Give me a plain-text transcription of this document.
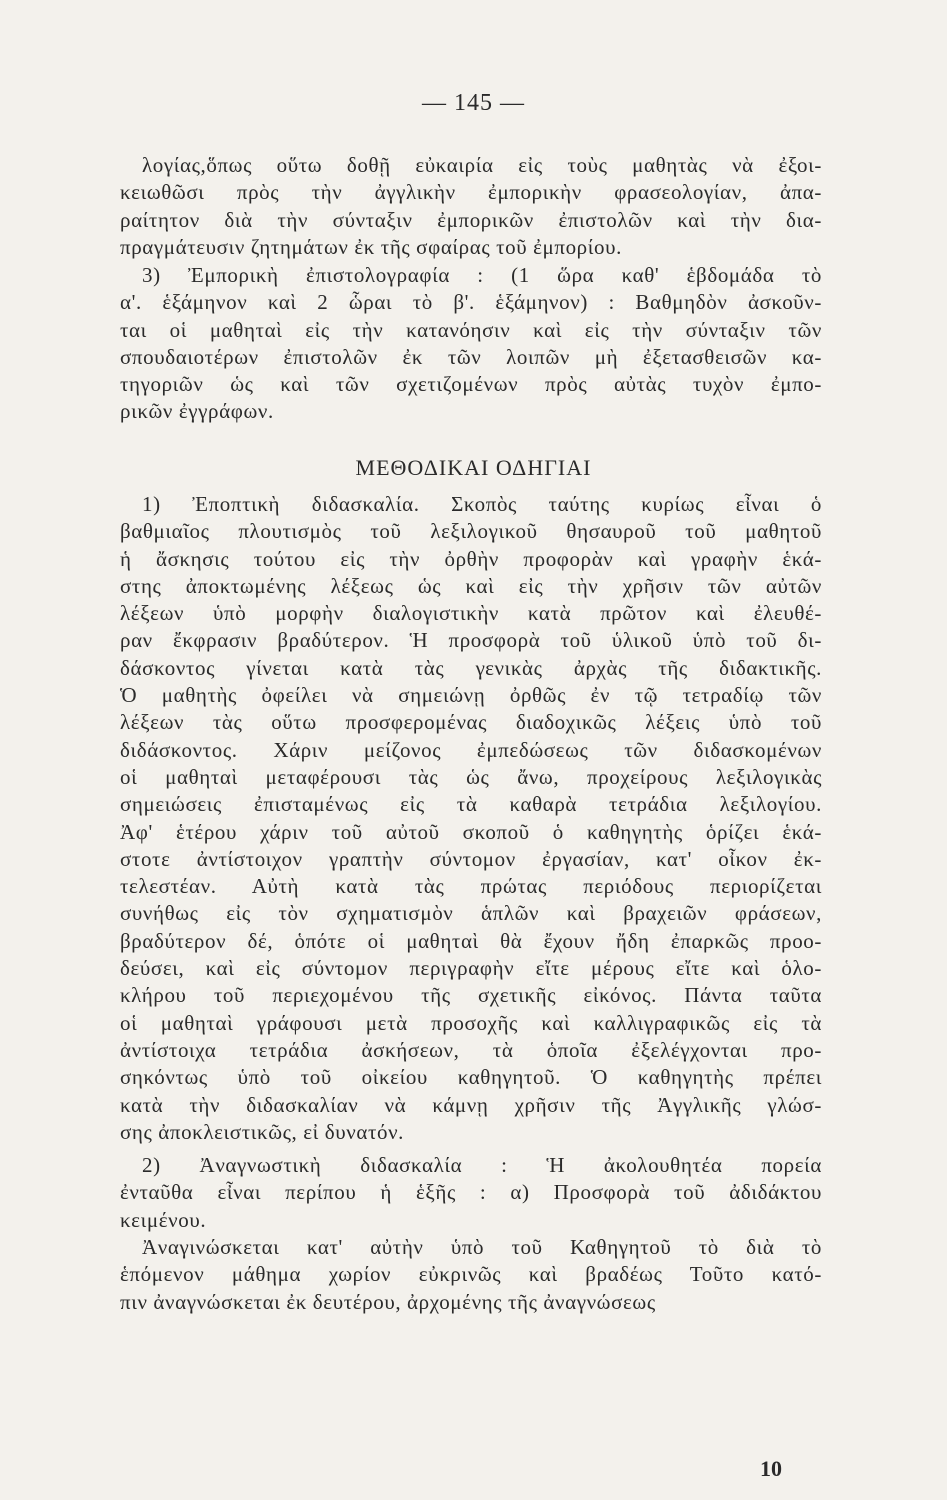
— 145 —
λογίας,ὅπως οὕτω δοθῇ εὐκαιρία εἰς τοὺς μαθητὰς νὰ ἐξοι-
κειωθῶσι πρὸς τὴν ἀγγλικὴν ἐμπορικὴν φρασεολογίαν, ἀπα-
ραίτητον διὰ τὴν σύνταξιν ἐμπορικῶν ἐπιστολῶν καὶ τὴν δια-
πραγμάτευσιν ζητημάτων ἐκ τῆς σφαίρας τοῦ ἐμπορίου.
3) Ἐμπορικὴ ἐπιστολογραφία : (1 ὥρα καθ' ἑβδομάδα τὸ
α'. ἑξάμηνον καὶ 2 ὧραι τὸ β'. ἑξάμηνον) : Βαθμηδὸν ἀσκοῦν-
ται οἱ μαθηταὶ εἰς τὴν κατανόησιν καὶ εἰς τὴν σύνταξιν τῶν
σπουδαιοτέρων ἐπιστολῶν ἐκ τῶν λοιπῶν μὴ ἐξετασθεισῶν κα-
τηγοριῶν ὡς καὶ τῶν σχετιζομένων πρὸς αὐτὰς τυχὸν ἐμπο-
ρικῶν ἐγγράφων.
ΜΕΘΟΔΙΚΑΙ ΟΔΗΓΙΑΙ
1) Ἐποπτικὴ διδασκαλία. Σκοπὸς ταύτης κυρίως εἶναι ὁ
βαθμιαῖος πλουτισμὸς τοῦ λεξιλογικοῦ θησαυροῦ τοῦ μαθητοῦ
ἡ ἄσκησις τούτου εἰς τὴν ὀρθὴν προφορὰν καὶ γραφὴν ἑκά-
στης ἀποκτωμένης λέξεως ὡς καὶ εἰς τὴν χρῆσιν τῶν αὐτῶν
λέξεων ὑπὸ μορφὴν διαλογιστικὴν κατὰ πρῶτον καὶ ἐλευθέ-
ραν ἔκφρασιν βραδύτερον. Ἡ προσφορὰ τοῦ ὑλικοῦ ὑπὸ τοῦ δι-
δάσκοντος γίνεται κατὰ τὰς γενικὰς ἀρχὰς τῆς διδακτικῆς.
Ὁ μαθητὴς ὀφείλει νὰ σημειώνῃ ὀρθῶς ἐν τῷ τετραδίῳ τῶν
λέξεων τὰς οὕτω προσφερομένας διαδοχικῶς λέξεις ὑπὸ τοῦ
διδάσκοντος. Χάριν μείζονος ἐμπεδώσεως τῶν διδασκομένων
οἱ μαθηταὶ μεταφέρουσι τὰς ὡς ἄνω, προχείρους λεξιλογικὰς
σημειώσεις ἐπισταμένως εἰς τὰ καθαρὰ τετράδια λεξιλογίου.
Ἀφ' ἑτέρου χάριν τοῦ αὐτοῦ σκοποῦ ὁ καθηγητὴς ὁρίζει ἑκά-
στοτε ἀντίστοιχον γραπτὴν σύντομον ἐργασίαν, κατ' οἶκον ἐκ-
τελεστέαν. Αὐτὴ κατὰ τὰς πρώτας περιόδους περιορίζεται
συνήθως εἰς τὸν σχηματισμὸν ἁπλῶν καὶ βραχειῶν φράσεων,
βραδύτερον δέ, ὁπότε οἱ μαθηταὶ θὰ ἔχουν ἤδη ἐπαρκῶς προο-
δεύσει, καὶ εἰς σύντομον περιγραφὴν εἴτε μέρους εἴτε καὶ ὁλο-
κλήρου τοῦ περιεχομένου τῆς σχετικῆς εἰκόνος. Πάντα ταῦτα
οἱ μαθηταὶ γράφουσι μετὰ προσοχῆς καὶ καλλιγραφικῶς εἰς τὰ
ἀντίστοιχα τετράδια ἀσκήσεων, τὰ ὁποῖα ἐξελέγχονται προ-
σηκόντως ὑπὸ τοῦ οἰκείου καθηγητοῦ. Ὁ καθηγητὴς πρέπει
κατὰ τὴν διδασκαλίαν νὰ κάμνῃ χρῆσιν τῆς Ἀγγλικῆς γλώσ-
σης ἀποκλειστικῶς, εἰ δυνατόν.
2) Ἀναγνωστικὴ διδασκαλία : Ἡ ἀκολουθητέα πορεία
ἐνταῦθα εἶναι περίπου ἡ ἑξῆς : α) Προσφορὰ τοῦ ἀδιδάκτου
κειμένου.
Ἀναγινώσκεται κατ' αὐτὴν ὑπὸ τοῦ Καθηγητοῦ τὸ διὰ τὸ
ἑπόμενον μάθημα χωρίον εὐκρινῶς καὶ βραδέως Τοῦτο κατό-
πιν ἀναγνώσκεται ἐκ δευτέρου, ἀρχομένης τῆς ἀναγνώσεως
10
